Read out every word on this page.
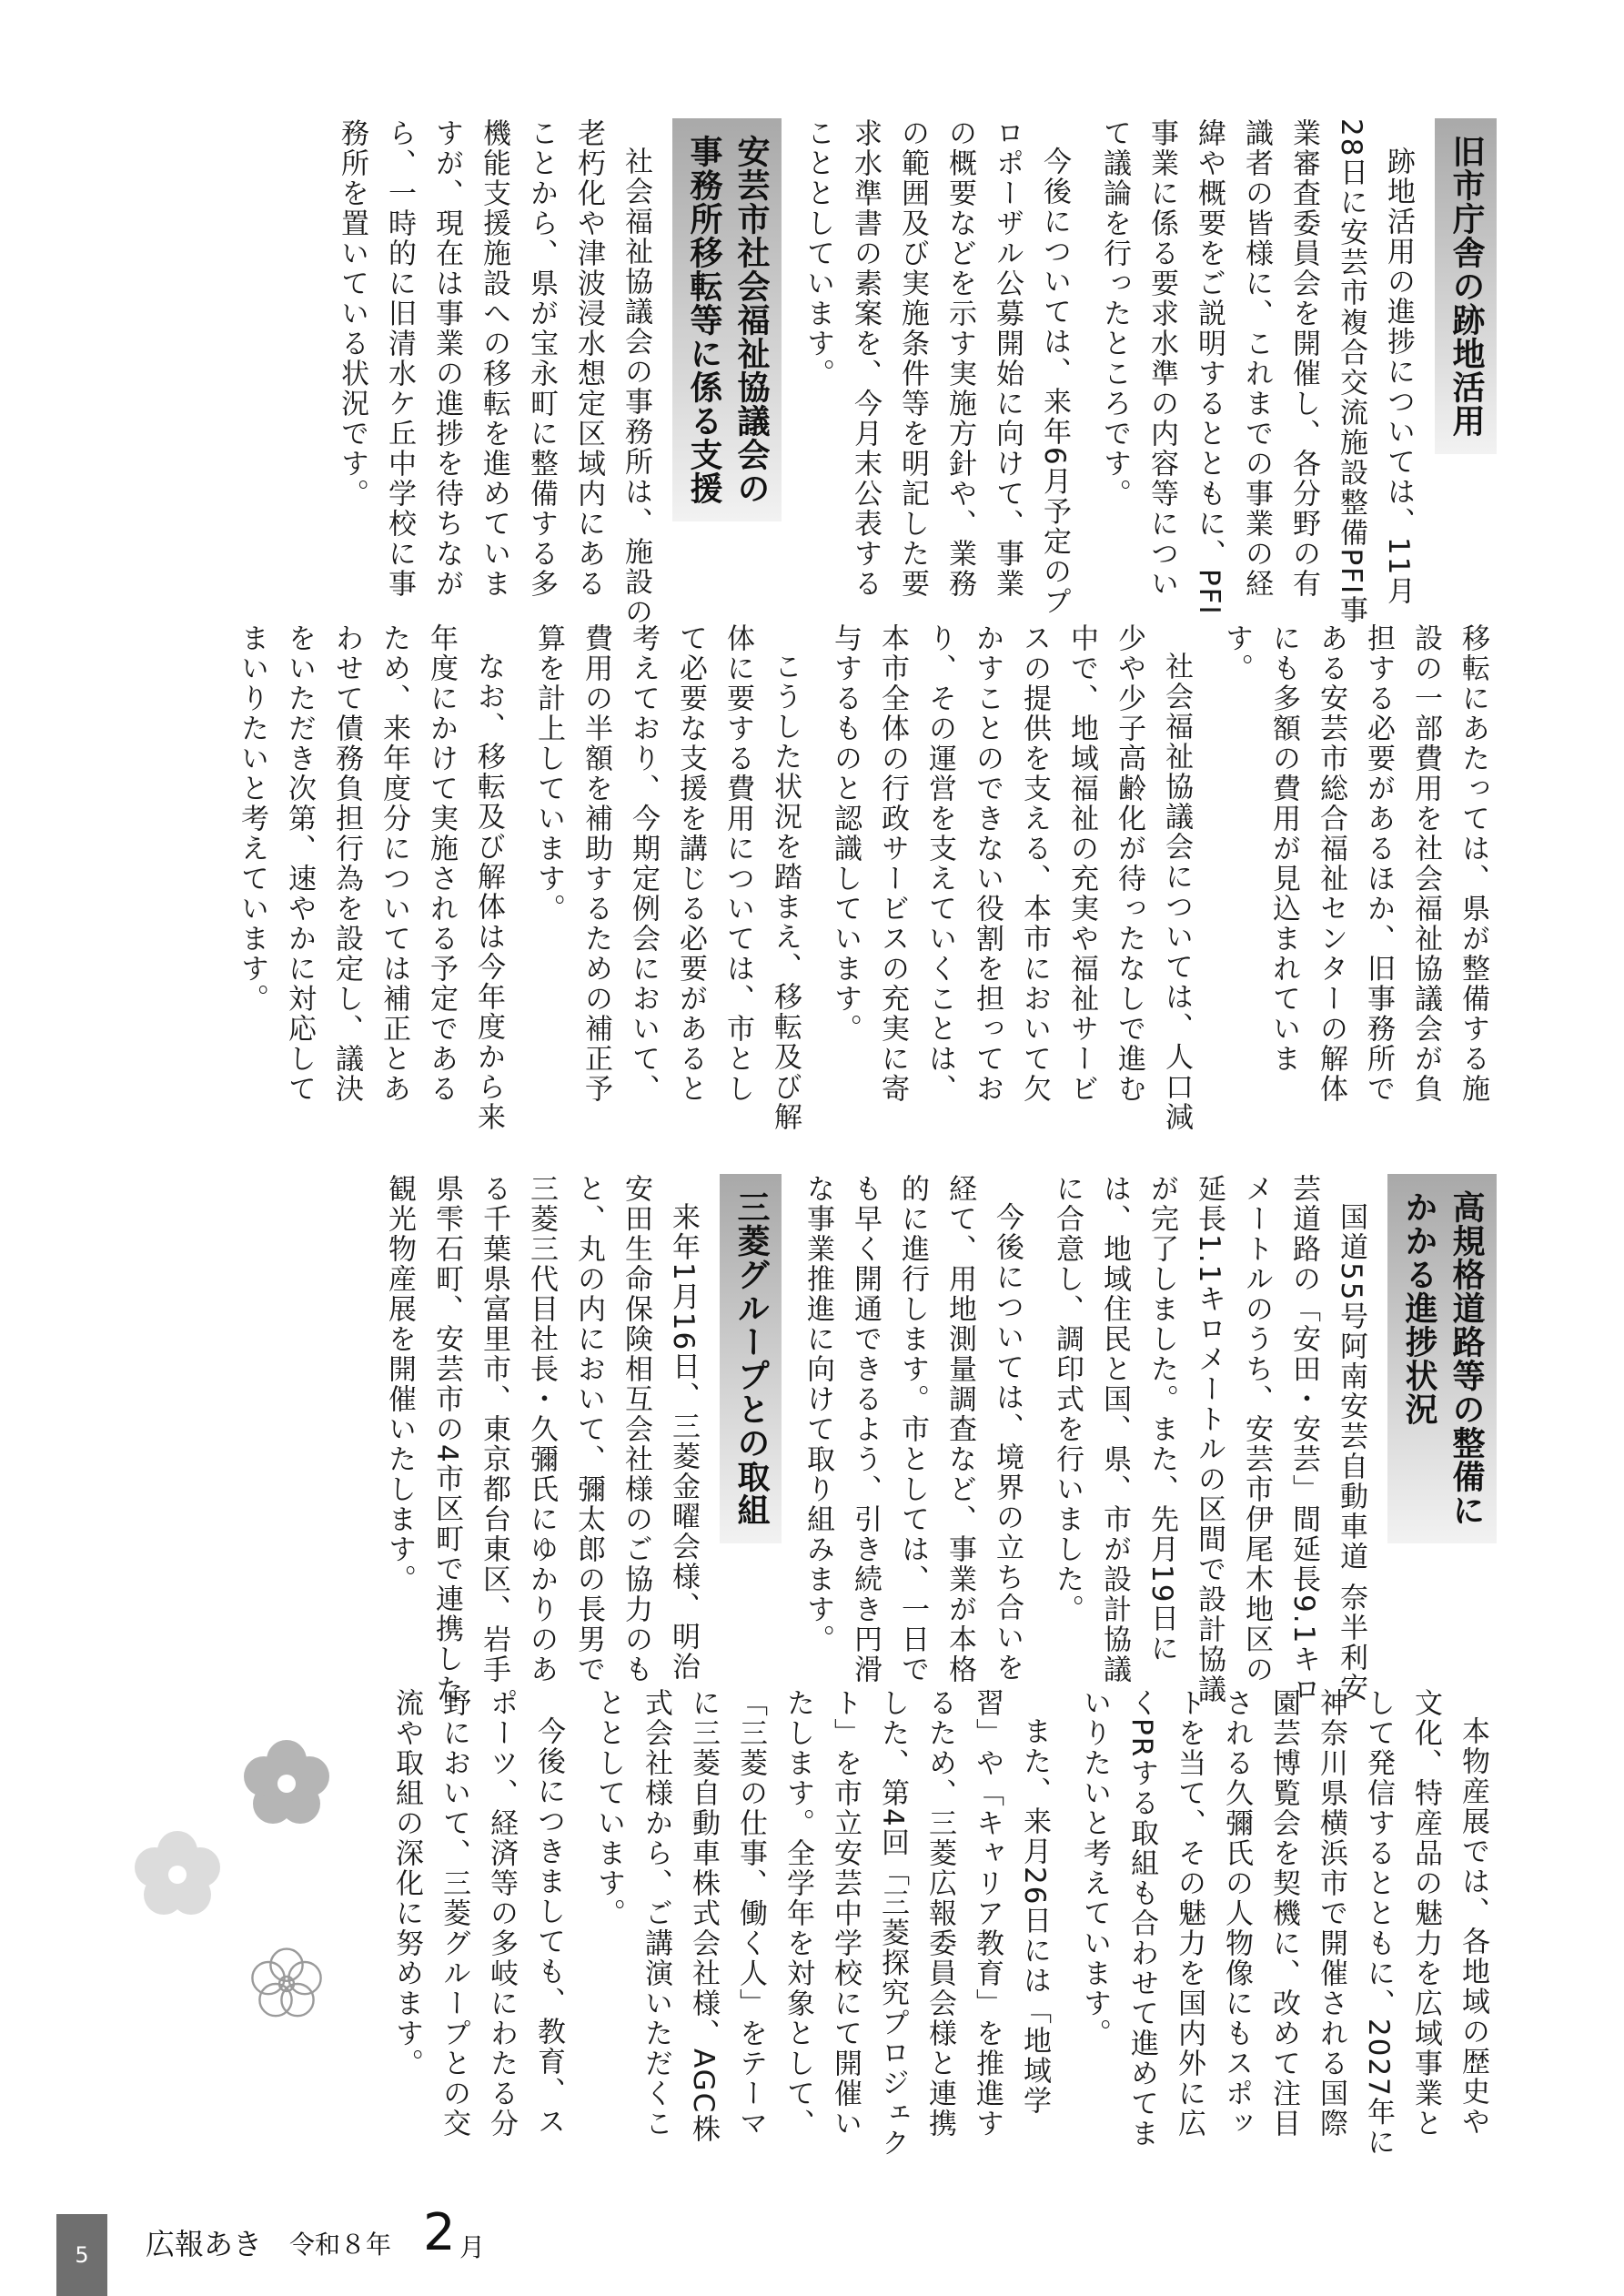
旧市庁舎の跡地活用

跡地活用の進捗については、11月28日に安芸市複合交流施設整備PFI事業審査委員会を開催し、各分野の有識者の皆様に、これまでの事業の経緯や概要をご説明するとともに、PFI事業に係る要求水準の内容等について議論を行ったところです。

今後については、来年6月予定のプロポーザル公募開始に向けて、事業の概要などを示す実施方針や、業務の範囲及び実施条件等を明記した要求水準書の素案を、今月末公表することとしています。

安芸市社会福祉協議会の
事務所移転等に係る支援

社会福祉協議会の事務所は、施設の老朽化や津波浸水想定区域内にあることから、県が宝永町に整備する多機能支援施設への移転を進めていますが、現在は事業の進捗を待ちながら、一時的に旧清水ケ丘中学校に事務所を置いている状況です。

移転にあたっては、県が整備する施設の一部費用を社会福祉協議会が負担する必要があるほか、旧事務所である安芸市総合福祉センターの解体にも多額の費用が見込まれています。

社会福祉協議会については、人口減少や少子高齢化が待ったなしで進む中で、地域福祉の充実や福祉サービスの提供を支える、本市において欠かすことのできない役割を担っており、その運営を支えていくことは、本市全体の行政サービスの充実に寄与するものと認識しています。

こうした状況を踏まえ、移転及び解体に要する費用については、市として必要な支援を講じる必要があると考えており、今期定例会において、費用の半額を補助するための補正予算を計上しています。

なお、移転及び解体は今年度から来年度にかけて実施される予定であるため、来年度分については補正とあわせて債務負担行為を設定し、議決をいただき次第、速やかに対応してまいりたいと考えています。

高規格道路等の整備に
かかる進捗状況

国道55号阿南安芸自動車道 奈半利安芸道路の「安田・安芸」間延長9.1キロメートルのうち、安芸市伊尾木地区の延長1.1キロメートルの区間で設計協議が完了しました。また、先月19日には、地域住民と国、県、市が設計協議に合意し、調印式を行いました。

今後については、境界の立ち合いを経て、用地測量調査など、事業が本格的に進行します。市としては、一日でも早く開通できるよう、引き続き円滑な事業推進に向けて取り組みます。

三菱グループとの取組

来年1月16日、三菱金曜会様、明治安田生命保険相互会社様のご協力のもと、丸の内において、彌太郎の長男で三菱三代目社長・久彌氏にゆかりのある千葉県富里市、東京都台東区、岩手県雫石町、安芸市の4市区町で連携した観光物産展を開催いたします。

本物産展では、各地域の歴史や文化、特産品の魅力を広域事業として発信するとともに、2027年に神奈川県横浜市で開催される国際園芸博覧会を契機に、改めて注目される久彌氏の人物像にもスポットを当て、その魅力を国内外に広くPRする取組も合わせて進めてまいりたいと考えています。

また、来月26日には「地域学習」や「キャリア教育」を推進するため、三菱広報委員会様と連携した、第4回「三菱探究プロジェクト」を市立安芸中学校にて開催いたします。全学年を対象として、「三菱の仕事、働く人」をテーマに三菱自動車株式会社様、AGC株式会社様から、ご講演いただくこととしています。

今後につきましても、教育、スポーツ、経済等の多岐にわたる分野において、三菱グループとの交流や取組の深化に努めます。

5	広報あき 令和８年 2 月
